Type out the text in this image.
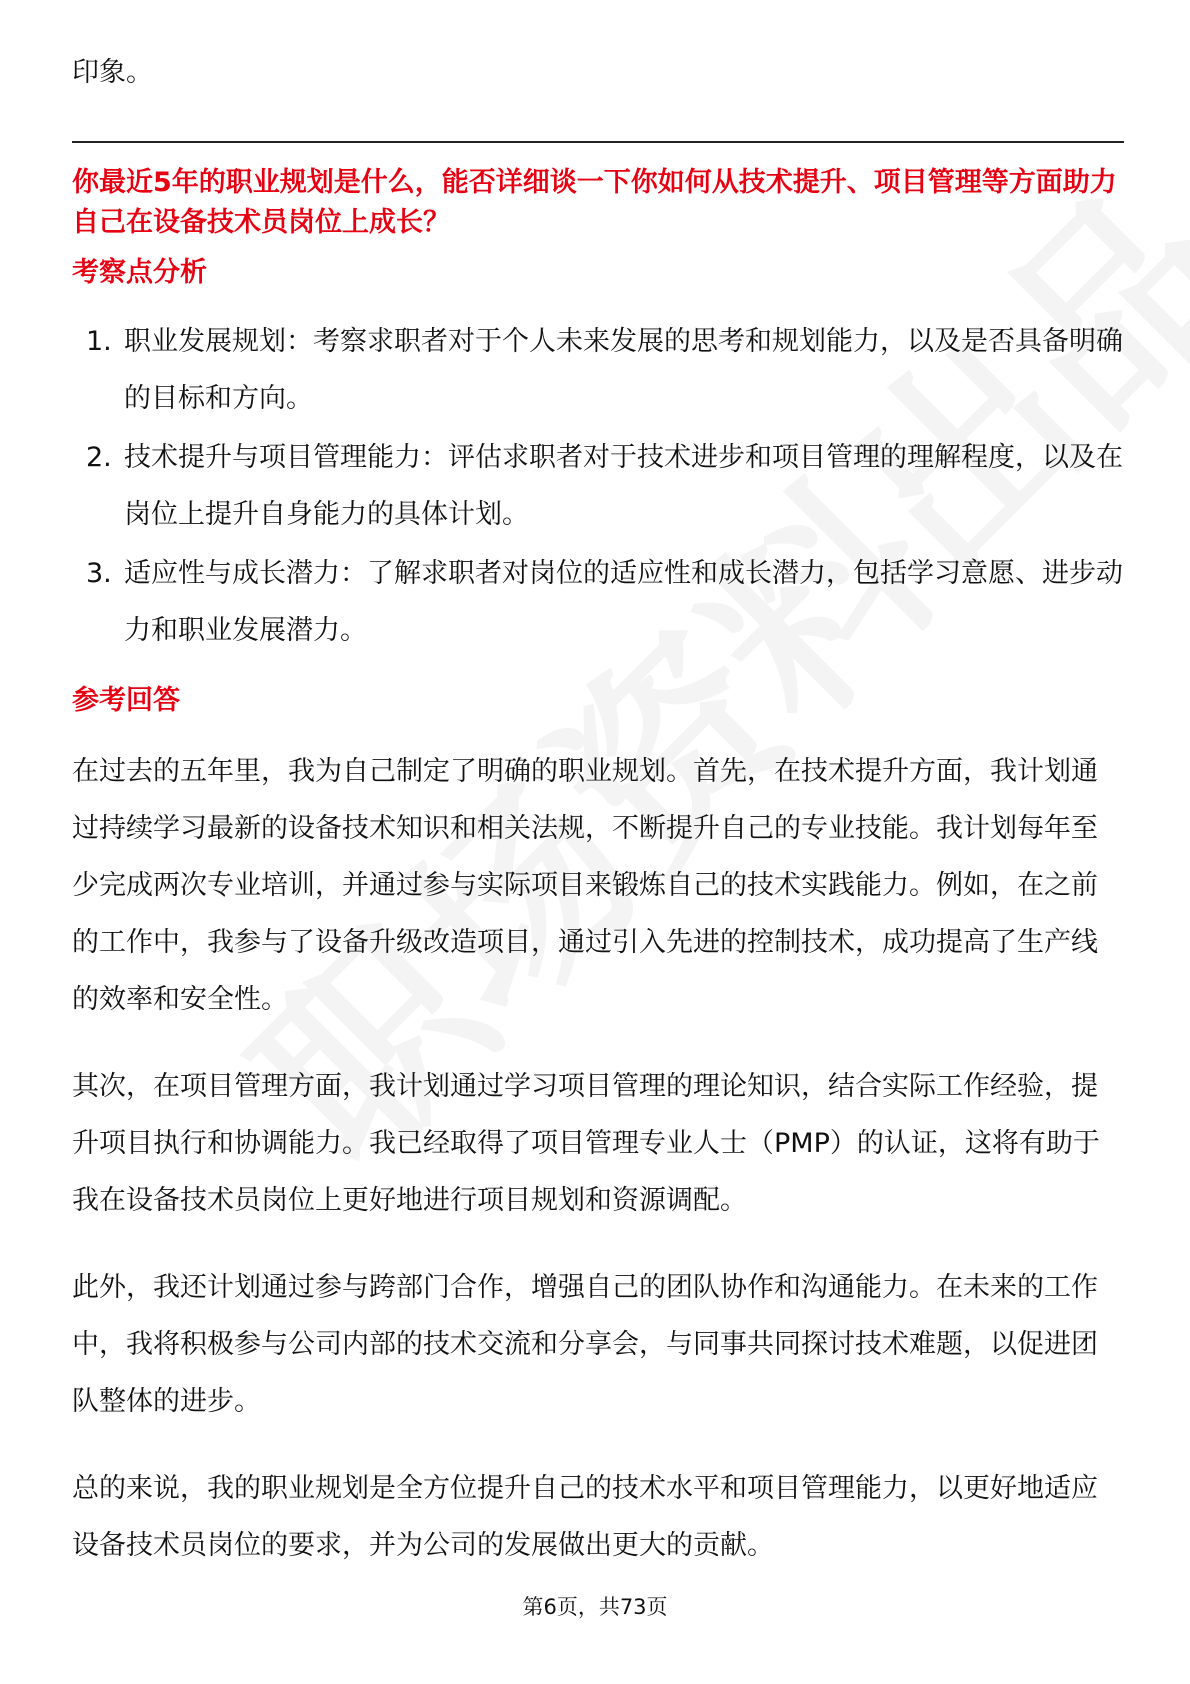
印象。

你最近5年的职业规划是什么，能否详细谈一下你如何从技术提升、项目管理等方面助力自己在设备技术员岗位上成长？
考察点分析
1. 职业发展规划：考察求职者对于个人未来发展的思考和规划能力，以及是否具备明确的目标和方向。
2. 技术提升与项目管理能力：评估求职者对于技术进步和项目管理的理解程度，以及在岗位上提升自身能力的具体计划。
3. 适应性与成长潜力：了解求职者对岗位的适应性和成长潜力，包括学习意愿、进步动力和职业发展潜力。
参考回答

在过去的五年里，我为自己制定了明确的职业规划。首先，在技术提升方面，我计划通过持续学习最新的设备技术知识和相关法规，不断提升自己的专业技能。我计划每年至少完成两次专业培训，并通过参与实际项目来锻炼自己的技术实践能力。例如，在之前的工作中，我参与了设备升级改造项目，通过引入先进的控制技术，成功提高了生产线的效率和安全性。

其次，在项目管理方面，我计划通过学习项目管理的理论知识，结合实际工作经验，提升项目执行和协调能力。我已经取得了项目管理专业人士（PMP）的认证，这将有助于我在设备技术员岗位上更好地进行项目规划和资源调配。

此外，我还计划通过参与跨部门合作，增强自己的团队协作和沟通能力。在未来的工作中，我将积极参与公司内部的技术交流和分享会，与同事共同探讨技术难题，以促进团队整体的进步。

总的来说，我的职业规划是全方位提升自己的技术水平和项目管理能力，以更好地适应设备技术员岗位的要求，并为公司的发展做出更大的贡献。

第6页，共73页
